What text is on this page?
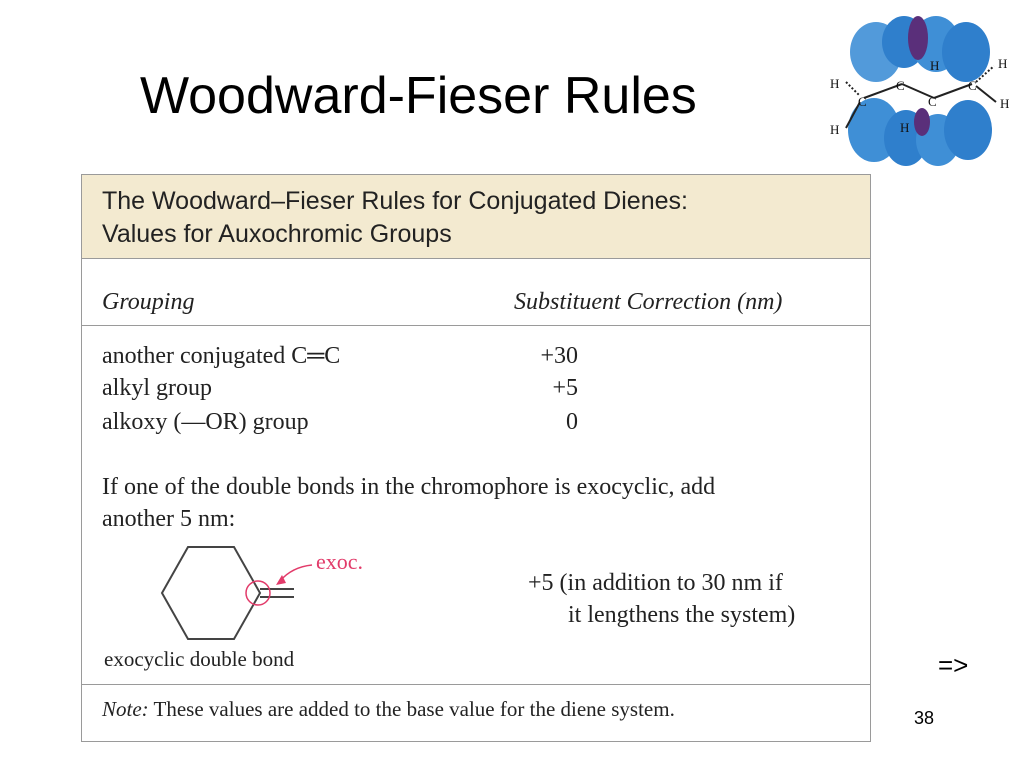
Woodward-Fieser Rules	H
H
C
C
H
C
H
C
H
H
The Woodward–Fieser Rules for Conjugated Dienes:
Values for Auxochromic Groups
Grouping	Substituent Correction (nm)
another conjugated C═C	+30
alkyl group	+5
alkoxy (—OR) group	0
If one of the double bonds in the chromophore is exocyclic, add
another 5 nm:
exoc.
+5 (in addition to 30 nm if
it lengthens the system)
exocyclic double bond
Note: These values are added to the base value for the diene system.
=>
38
